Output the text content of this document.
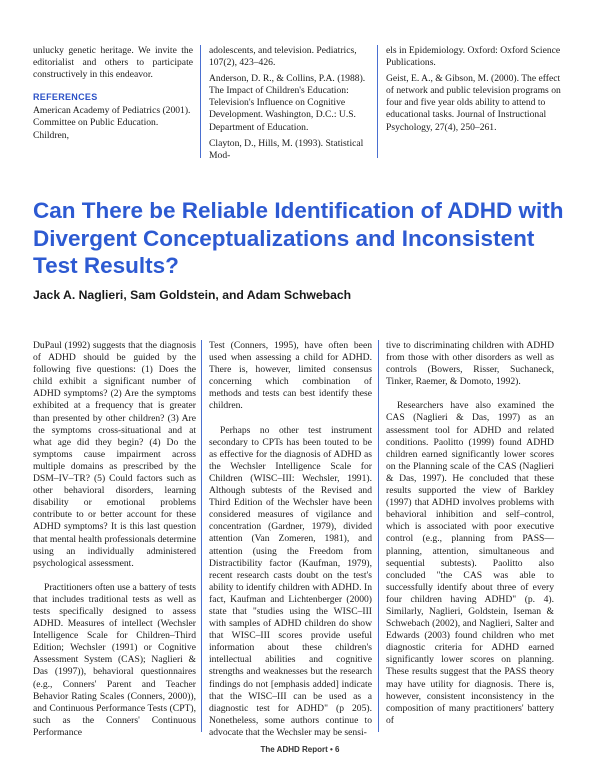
unlucky genetic heritage. We invite the editorialist and others to participate constructively in this endeavor.

REFERENCES

American Academy of Pediatrics (2001). Committee on Public Education. Children,

adolescents, and television. Pediatrics, 107(2), 423–426.

Anderson, D. R., & Collins, P.A. (1988). The Impact of Children's Education: Television's Influence on Cognitive Development. Washington, D.C.: U.S. Department of Education.

Clayton, D., Hills, M. (1993). Statistical Mod-

els in Epidemiology. Oxford: Oxford Science Publications.

Geist, E. A., & Gibson, M. (2000). The effect of network and public television programs on four and five year olds ability to attend to educational tasks. Journal of Instructional Psychology, 27(4), 250–261.

Can There be Reliable Identification of ADHD with Divergent Conceptualizations and Inconsistent Test Results?

Jack A. Naglieri, Sam Goldstein, and Adam Schwebach

DuPaul (1992) suggests that the diagnosis of ADHD should be guided by the following five questions: (1) Does the child exhibit a significant number of ADHD symptoms? (2) Are the symptoms exhibited at a frequency that is greater than presented by other children? (3) Are the symptoms cross-situational and at what age did they begin? (4) Do the symptoms cause impairment across multiple domains as prescribed by the DSM–IV–TR? (5) Could factors such as other behavioral disorders, learning disability or emotional problems contribute to or better account for these ADHD symptoms? It is this last question that mental health professionals determine using an individually administered psychological assessment.

Practitioners often use a battery of tests that includes traditional tests as well as tests specifically designed to assess ADHD. Measures of intellect (Wechsler Intelligence Scale for Children–Third Edition; Wechsler (1991) or Cognitive Assessment System (CAS); Naglieri & Das (1997)), behavioral questionnaires (e.g., Conners' Parent and Teacher Behavior Rating Scales (Conners, 2000)), and Continuous Performance Tests (CPT), such as the Conners' Continuous Performance

Test (Conners, 1995), have often been used when assessing a child for ADHD. There is, however, limited consensus concerning which combination of methods and tests can best identify these children.

Perhaps no other test instrument secondary to CPTs has been touted to be as effective for the diagnosis of ADHD as the Wechsler Intelligence Scale for Children (WISC–III: Wechsler, 1991). Although subtests of the Revised and Third Edition of the Wechsler have been considered measures of vigilance and concentration (Gardner, 1979), divided attention (Van Zomeren, 1981), and attention (using the Freedom from Distractibility factor (Kaufman, 1979), recent research casts doubt on the test's ability to identify children with ADHD. In fact, Kaufman and Lichtenberger (2000) state that "studies using the WISC–III with samples of ADHD children do show that WISC–III scores provide useful information about these children's intellectual abilities and cognitive strengths and weaknesses but the research findings do not [emphasis added] indicate that the WISC–III can be used as a diagnostic test for ADHD" (p 205). Nonetheless, some authors continue to advocate that the Wechsler may be sensi-

tive to discriminating children with ADHD from those with other disorders as well as controls (Bowers, Risser, Suchaneck, Tinker, Raemer, & Domoto, 1992).

Researchers have also examined the CAS (Naglieri & Das, 1997) as an assessment tool for ADHD and related conditions. Paolitto (1999) found ADHD children earned significantly lower scores on the Planning scale of the CAS (Naglieri & Das, 1997). He concluded that these results supported the view of Barkley (1997) that ADHD involves problems with behavioral inhibition and self–control, which is associated with poor executive control (e.g., planning from PASS—planning, attention, simultaneous and sequential subtests). Paolitto also concluded "the CAS was able to successfully identify about three of every four children having ADHD" (p. 4). Similarly, Naglieri, Goldstein, Iseman & Schwebach (2002), and Naglieri, Salter and Edwards (2003) found children who met diagnostic criteria for ADHD earned significantly lower scores on planning. These results suggest that the PASS theory may have utility for diagnosis. There is, however, consistent inconsistency in the composition of many practitioners' battery of

The ADHD Report • 6
